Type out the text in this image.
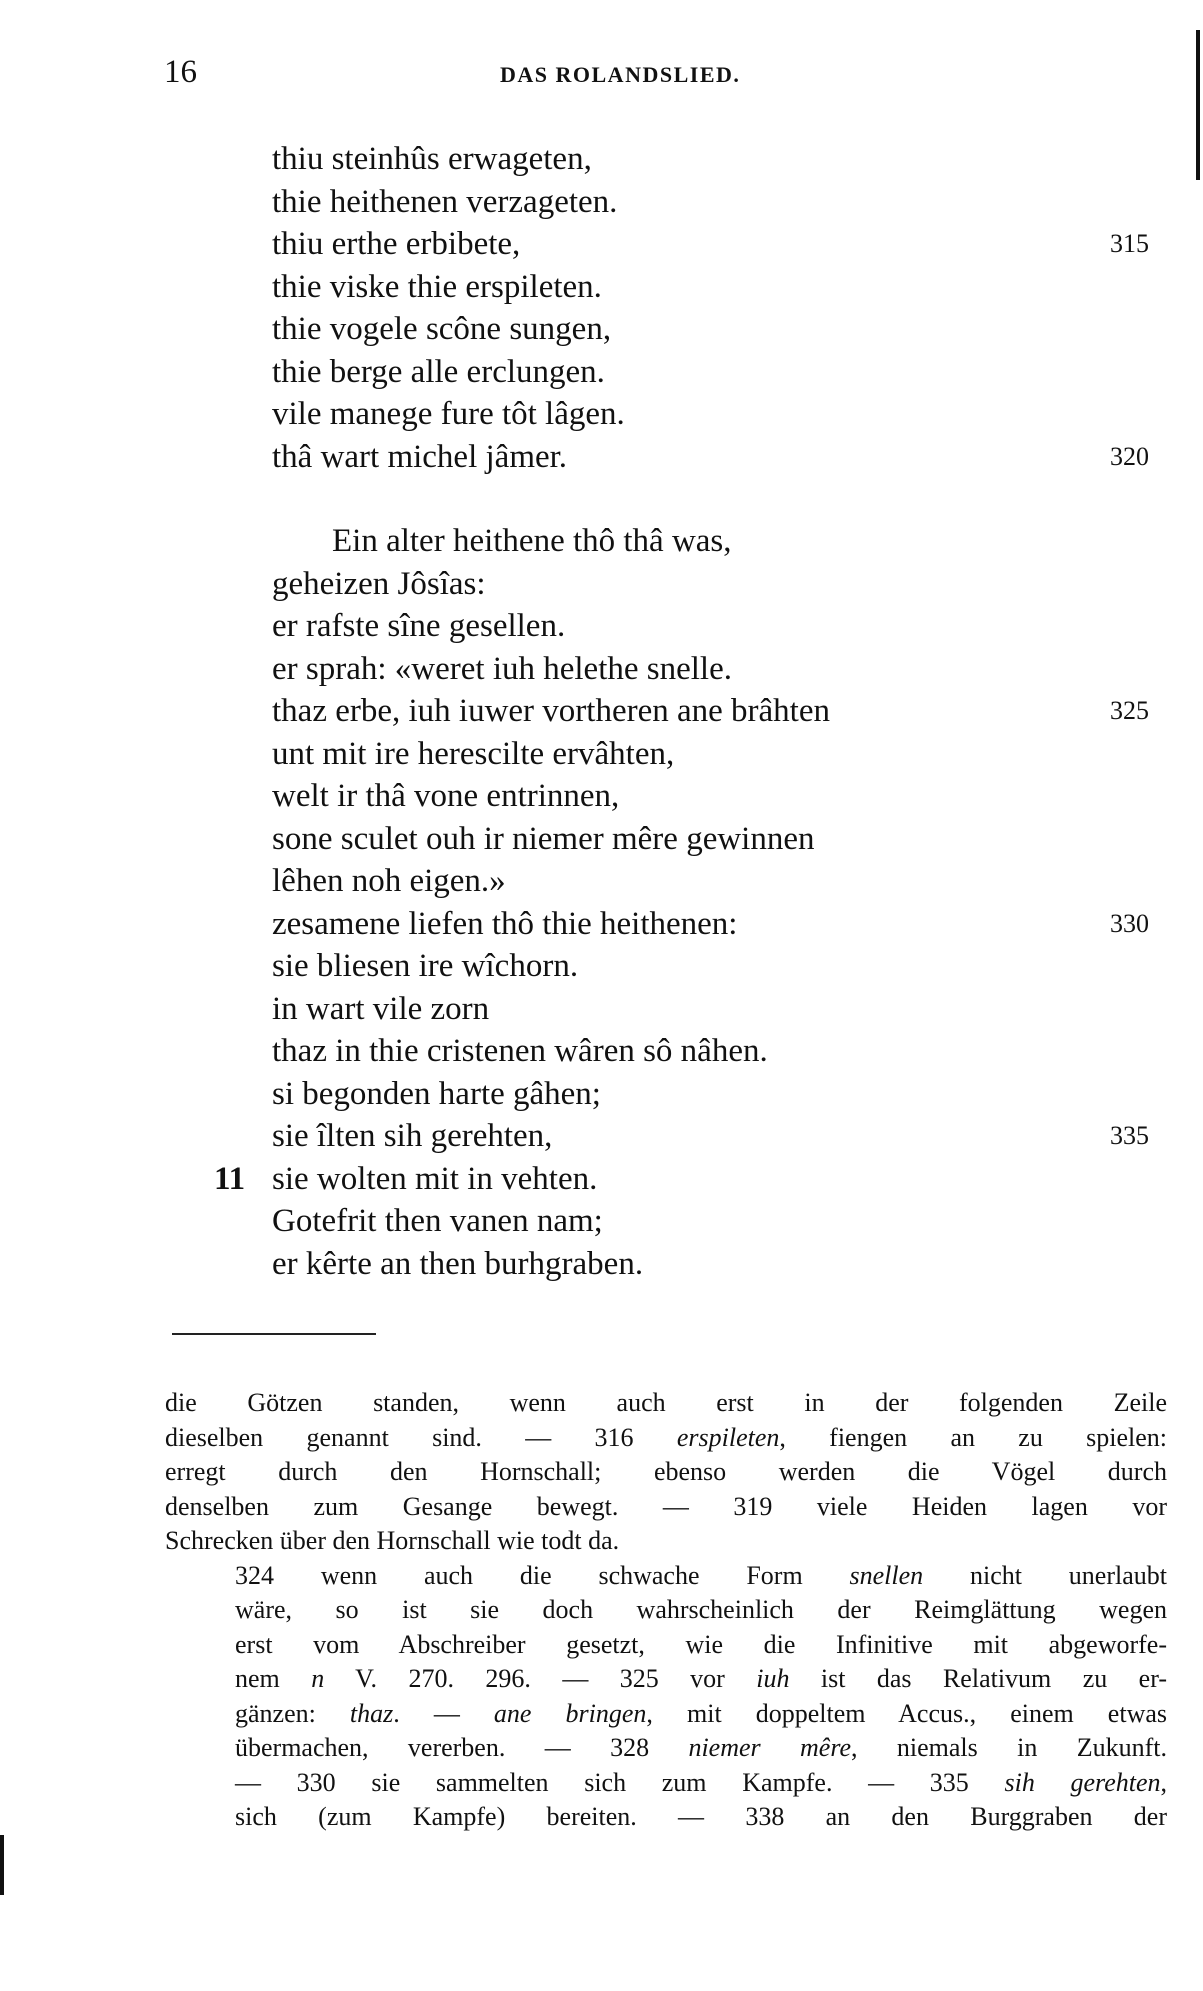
16	DAS ROLANDSLIED.
thiu steinhûs erwageten,
thie heithenen verzageten.
thiu erthe erbibete,	315
thie viske thie erspileten.
thie vogele scône sungen,
thie berge alle erclungen.
vile manege fure tôt lâgen.
thâ wart michel jâmer.	320
Ein alter heithene thô thâ was,
geheizen Jôsîas:
er rafste sîne gesellen.
er sprah: «weret iuh helethe snelle.
thaz erbe, iuh iuwer vortheren ane brâhten	325
unt mit ire herescilte ervâhten,
welt ir thâ vone entrinnen,
sone sculet ouh ir niemer mêre gewinnen
lêhen noh eigen.»
zesamene liefen thô thie heithenen:	330
sie bliesen ire wîchorn.
in wart vile zorn
thaz in thie cristenen wâren sô nâhen.
si begonden harte gâhen;
sie îlten sih gerehten,	335
sie wolten mit in vehten.
11
Gotefrit then vanen nam;
er kêrte an then burhgraben.

die Götzen standen, wenn auch erst in der folgenden Zeile
dieselben genannt sind. — 316 erspileten, fiengen an zu spielen:
erregt durch den Hornschall; ebenso werden die Vögel durch
denselben zum Gesange bewegt. — 319 viele Heiden lagen vor
Schrecken über den Hornschall wie todt da.

324 wenn auch die schwache Form snellen nicht unerlaubt
wäre, so ist sie doch wahrscheinlich der Reimglättung wegen
erst vom Abschreiber gesetzt, wie die Infinitive mit abgeworfe-
nem n V. 270. 296. — 325 vor iuh ist das Relativum zu er-
gänzen: thaz. — ane bringen, mit doppeltem Accus., einem etwas
übermachen, vererben. — 328 niemer mêre, niemals in Zukunft.
— 330 sie sammelten sich zum Kampfe. — 335 sih gerehten,
sich (zum Kampfe) bereiten. — 338 an den Burggraben der
